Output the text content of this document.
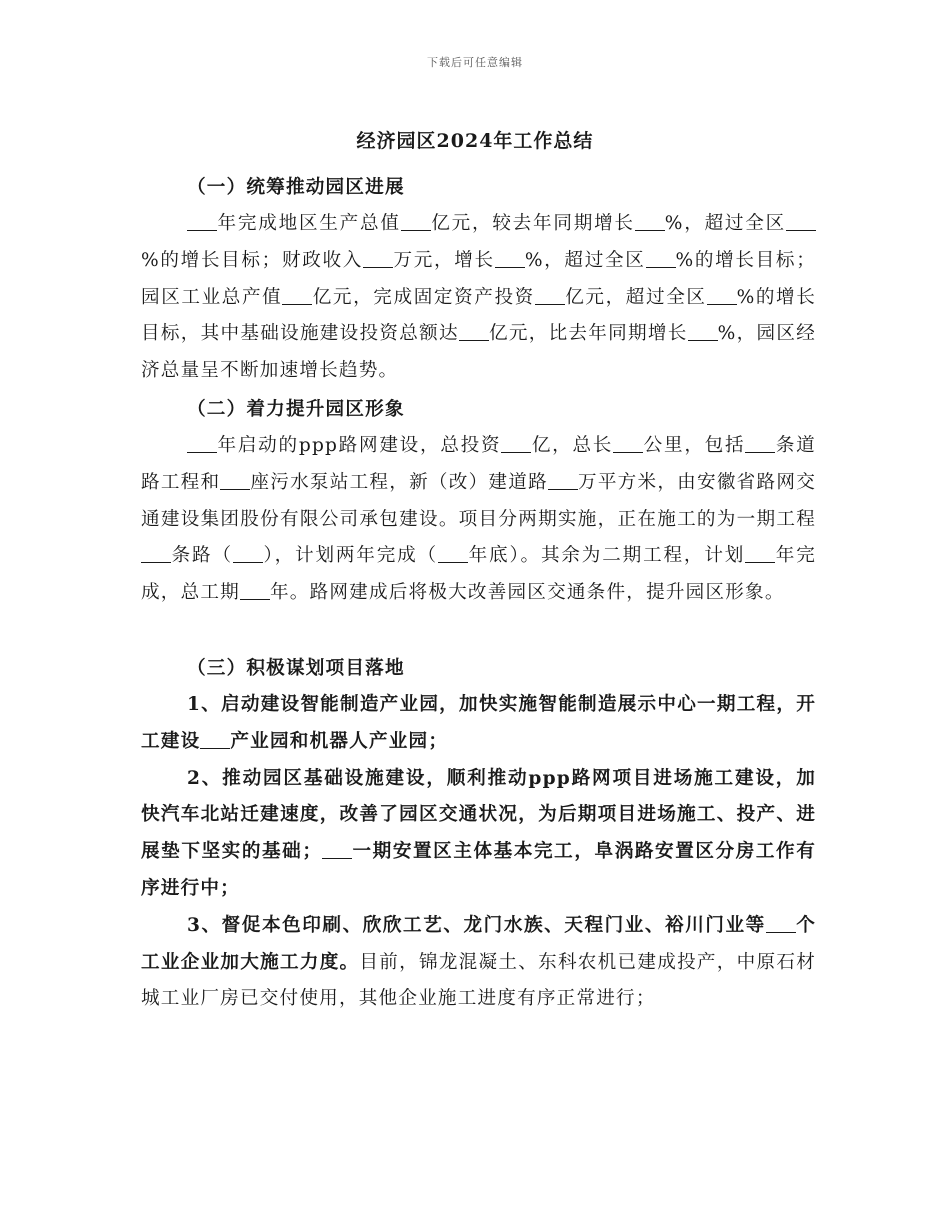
下载后可任意编辑
经济园区2024年工作总结

（一）统筹推动园区进展

年完成地区生产总值 亿元，较去年同期增长 %，超过全区%的增长目标；财政收入 万元，增长 %，超过全区 %的增长目标；园区工业总产值 亿元，完成固定资产投资 亿元，超过全区 %的增长目标，其中基础设施建设投资总额达 亿元，比去年同期增长 %，园区经济总量呈不断加速增长趋势。

（二）着力提升园区形象

年启动的ppp路网建设，总投资 亿，总长 公里，包括 条道路工程和 座污水泵站工程，新（改）建道路 万平方米，由安徽省路网交通建设集团股份有限公司承包建设。项目分两期实施，正在施工的为一期工程条路（ ），计划两年完成（ 年底）。其余为二期工程，计划 年完成，总工期 年。路网建成后将极大改善园区交通条件，提升园区形象。

（三）积极谋划项目落地

1、启动建设智能制造产业园，加快实施智能制造展示中心一期工程，开工建设 产业园和机器人产业园；

2、推动园区基础设施建设，顺利推动ppp路网项目进场施工建设，加快汽车北站迁建速度，改善了园区交通状况，为后期项目进场施工、投产、进展垫下坚实的基础； 一期安置区主体基本完工，阜涡路安置区分房工作有序进行中；

3、督促本色印刷、欣欣工艺、龙门水族、天程门业、裕川门业等 个工业企业加大施工力度。目前，锦龙混凝土、东科农机已建成投产，中原石材城工业厂房已交付使用，其他企业施工进度有序正常进行；
